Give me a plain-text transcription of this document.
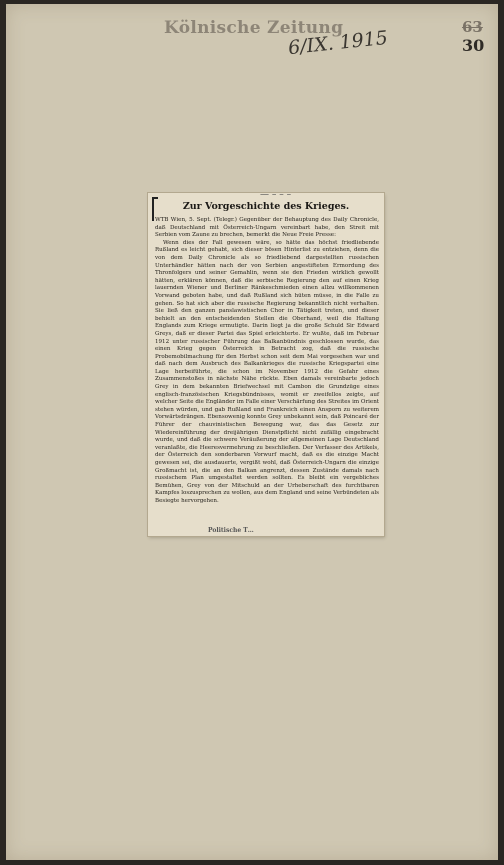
Kölnische Zeitung
6/IX. 1915	63
30
— – – –
Zur Vorgeschichte des Krieges.

WTB Wien, 5. Sept. (Telegr.) Gegenüber der Behauptung des Daily Chronicle, daß Deutschland mit Österreich-Ungarn vereinbart habe, den Streit mit Serbien vom Zaune zu brechen, bemerkt die Neue Freie Presse:

Wenn dies der Fall gewesen wäre, so hätte das höchst friedliebende Rußland es leicht gehabt, sich dieser bösen Hinterlist zu entziehen, denn die von dem Daily Chronicle als so friedliebend dargestellten russischen Unterhändler hätten nach der von Serbien angestifteten Ermordung des Thronfolgers und seiner Gemahlin, wenn sie den Frieden wirklich gewollt hätten, erklären können, daß die serbische Regierung den auf einen Krieg lauernden Wiener und Berliner Ränkeschmieden einen allzu willkommenen Vorwand geboten habe, und daß Rußland sich hüten müsse, in die Falle zu gehen. So hat sich aber die russische Regierung bekanntlich nicht verhalten. Sie ließ den ganzen panslawistischen Chor in Tätigkeit treten, und dieser behielt an den entscheidenden Stellen die Oberhand, weil die Haltung Englands zum Kriege ermutigte. Darin liegt ja die große Schuld Sir Edward Greys, daß er dieser Partei das Spiel erleichterte. Er wußte, daß im Februar 1912 unter russischer Führung das Balkanbündnis geschlossen wurde, das einen Krieg gegen Österreich in Betracht zog, daß die russische Probemobilmachung für den Herbst schon seit dem Mai vorgesehen war und daß nach dem Ausbruch des Balkankrieges die russische Kriegspartei eine Lage herbeiführte, die schon im November 1912 die Gefahr eines Zusammenstoßes in nächste Nähe rückte. Eben damals vereinbarte jedoch Grey in dem bekannten Briefwechsel mit Cambon die Grundzüge eines englisch-französischen Kriegsbündnisses, womit er zweifellos zeigte, auf welcher Seite die Engländer im Falle einer Verschärfung des Streites im Orient stehen würden, und gab Rußland und Frankreich einen Ansporn zu weiterem Vorwärtsdrängen. Ebensowenig konnte Grey unbekannt sein, daß Poincaré der Führer der chauvinistischen Bewegung war, das das Gesetz zur Wiedereinführung der dreijährigen Dienstpflicht nicht zufällig eingebracht wurde, und daß die schwere Veräußerung der allgemeinen Lage Deutschland veranlaßte, die Heeresvermehrung zu beschließen. Der Verfasser des Artikels, der Österreich den sonderbaren Vorwurf macht, daß es die einzige Macht gewesen sei, die ausdauerte, vergißt wohl, daß Österreich-Ungarn die einzige Großmacht ist, die an den Balkan angrenzt, dessen Zustände damals nach russischem Plan umgestaltet werden sollten. Es bleibt ein vergebliches Bemühen, Grey von der Mitschuld an der Urheberschaft des furchtbaren Kampfes loszusprechen zu wollen, aus dem England und seine Verbündeten als Besiegte hervorgehen.

Politische T…
